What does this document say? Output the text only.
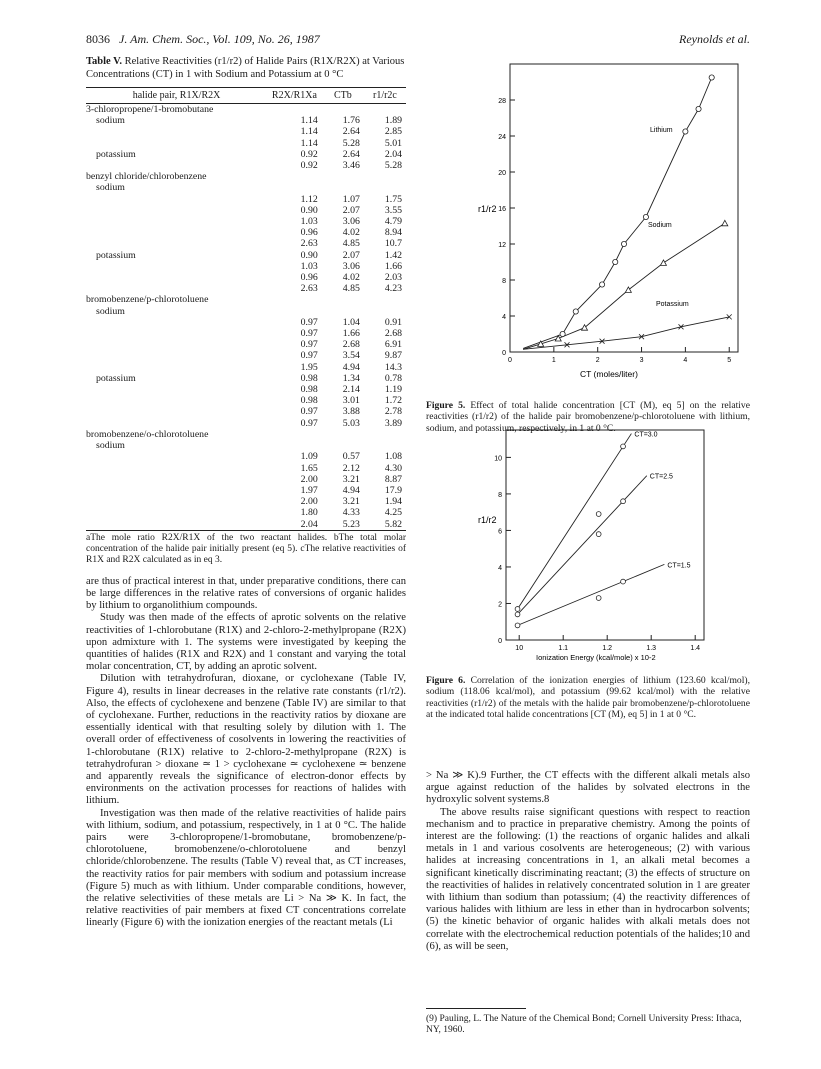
8036 J. Am. Chem. Soc., Vol. 109, No. 26, 1987	Reynolds et al.
Table V. Relative Reactivities (r1/r2) of Halide Pairs (R1X/R2X) at Various Concentrations (CT) in 1 with Sodium and Potassium at 0 °C
halide pair, R1X/R2X	R2X/R1Xa	CTb	r1/r2c
3-chloropropene/1-bromobutane			
sodium	1.14	1.76	1.89
	1.14	2.64	2.85
	1.14	5.28	5.01
potassium	0.92	2.64	2.04
	0.92	3.46	5.28
benzyl chloride/chlorobenzene			
sodium			
	1.12	1.07	1.75
	0.90	2.07	3.55
	1.03	3.06	4.79
	0.96	4.02	8.94
	2.63	4.85	10.7
potassium	0.90	2.07	1.42
	1.03	3.06	1.66
	0.96	4.02	2.03
	2.63	4.85	4.23
bromobenzene/p-chlorotoluene			
sodium			
	0.97	1.04	0.91
	0.97	1.66	2.68
	0.97	2.68	6.91
	0.97	3.54	9.87
	1.95	4.94	14.3
potassium	0.98	1.34	0.78
	0.98	2.14	1.19
	0.98	3.01	1.72
	0.97	3.88	2.78
	0.97	5.03	3.89
bromobenzene/o-chlorotoluene			
sodium			
	1.09	0.57	1.08
	1.65	2.12	4.30
	2.00	3.21	8.87
	1.97	4.94	17.9
	2.00	3.21	1.94
	1.80	4.33	4.25
	2.04	5.23	5.82
aThe mole ratio R2X/R1X of the two reactant halides. bThe total molar concentration of the halide pair initially present (eq 5). cThe relative reactivities of R1X and R2X calculated as in eq 3.

are thus of practical interest in that, under preparative conditions, there can be large differences in the relative rates of conversions of organic halides by lithium to organolithium compounds.

Study was then made of the effects of aprotic solvents on the relative reactivities of 1-chlorobutane (R1X) and 2-chloro-2-methylpropane (R2X) upon admixture with 1. The systems were investigated by keeping the quantities of halides (R1X and R2X) and 1 constant and varying the total molar concentration, CT, by adding an aprotic solvent.

Dilution with tetrahydrofuran, dioxane, or cyclohexane (Table IV, Figure 4), results in linear decreases in the relative rate constants (r1/r2). Also, the effects of cyclohexene and benzene (Table IV) are similar to that of cyclohexane. Further, reductions in the reactivity ratios by dioxane are essentially identical with that resulting solely by dilution with 1. The overall order of effectiveness of cosolvents in lowering the reactivities of 1-chlorobutane (R1X) relative to 2-chloro-2-methylpropane (R2X) is tetrahydrofuran > dioxane ≃ 1 > cyclohexane ≃ cyclohexene ≃ benzene and apparently reveals the significance of electron-donor effects by environments on the activation processes for reactions of halides with lithium.

Investigation was then made of the relative reactivities of halide pairs with lithium, sodium, and potassium, respectively, in 1 at 0 °C. The halide pairs were 3-chloropropene/1-bromobutane, bromobenzene/p-chlorotoluene, bromobenzene/o-chlorotoluene and benzyl chloride/chlorobenzene. The results (Table V) reveal that, as CT increases, the reactivity ratios for pair members with sodium and potassium increase (Figure 5) much as with lithium. Under comparable conditions, however, the relative selectivities of these metals are Li > Na ≫ K. In fact, the relative reactivities of pair members at fixed CT concentrations correlate linearly (Figure 6) with the ionization energies of the reactant metals (Li

0
4
8
12
16
20
24
28
0	1	2	3	4	5
r1/r2
CT (moles/liter)
Lithium
Sodium
Potassium
Figure 5. Effect of total halide concentration [CT (M), eq 5] on the relative reactivities (r1/r2) of the halide pair bromobenzene/p-chlorotoluene with lithium, sodium, and potassium, respectively, in 1 at 0 °C.
0
2
4
6
8
10
10	1.1	1.2	1.3	1.4
r1/r2
Ionization Energy (kcal/mole) x 10-2
CT=3.0
CT=2.5
CT=1.5
Figure 6. Correlation of the ionization energies of lithium (123.60 kcal/mol), sodium (118.06 kcal/mol), and potassium (99.62 kcal/mol) with the relative reactivities (r1/r2) of the metals with the halide pair bromobenzene/p-chlorotoluene at the indicated total halide concentrations [CT (M), eq 5] in 1 at 0 °C.

> Na ≫ K).9 Further, the CT effects with the different alkali metals also argue against reduction of the halides by solvated electrons in the hydroxylic solvent systems.8

The above results raise significant questions with respect to reaction mechanism and to practice in preparative chemistry. Among the points of interest are the following: (1) the reactions of organic halides and alkali metals in 1 and various cosolvents are heterogeneous; (2) with various halides at increasing concentrations in 1, an alkali metal becomes a significant kinetically discriminating reactant; (3) the effects of structure on the reactivities of halides in relatively concentrated solution in 1 are greater with lithium than sodium than potassium; (4) the reactivity differences of various halides with lithium are less in ether than in hydrocarbon solvents; (5) the kinetic behavior of organic halides with alkali metals does not correlate with the electrochemical reduction potentials of the halides;10 and (6), as will be seen,

(9) Pauling, L. The Nature of the Chemical Bond; Cornell University Press: Ithaca, NY, 1960.
